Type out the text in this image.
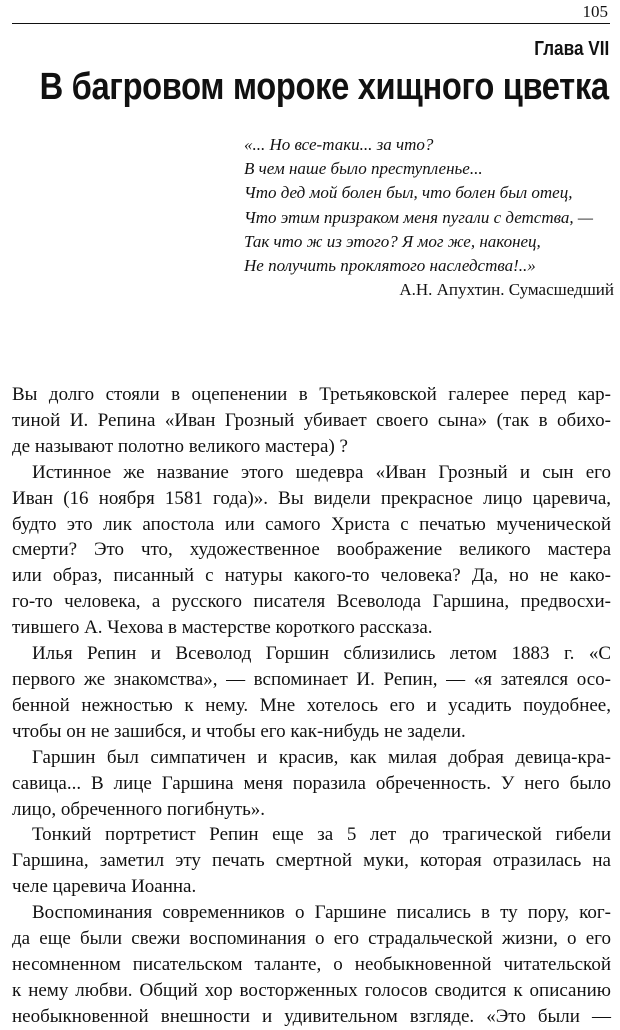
105
Глава VII
В багровом мороке хищного цветка
«... Но все-таки... за что?
В чем наше было преступленье...
Что дед мой болен был, что болен был отец,
Что этим призраком меня пугали с детства, —
Так что ж из этого? Я мог же, наконец,
Не получить проклятого наследства!..»
А.Н. Апухтин. Сумасшедший

Вы долго стояли в оцепенении в Третьяковской галерее перед кар-
тиной И. Репина «Иван Грозный убивает своего сына» (так в обихо-
де называют полотно великого мастера) ?

Истинное же название этого шедевра «Иван Грозный и сын его
Иван (16 ноября 1581 года)». Вы видели прекрасное лицо царевича,
будто это лик апостола или самого Христа с печатью мученической
смерти? Это что, художественное воображение великого мастера
или образ, писанный с натуры какого-то человека? Да, но не како-
го-то человека, а русского писателя Всеволода Гаршина, предвосхи-
тившего А. Чехова в мастерстве короткого рассказа.

Илья Репин и Всеволод Горшин сблизились летом 1883 г. «С
первого же знакомства», — вспоминает И. Репин, — «я затеялся осо-
бенной нежностью к нему. Мне хотелось его и усадить поудобнее,
чтобы он не зашибся, и чтобы его как-нибудь не задели.

Гаршин был симпатичен и красив, как милая добрая девица-кра-
савица... В лице Гаршина меня поразила обреченность. У него было
лицо, обреченного погибнуть».

Тонкий портретист Репин еще за 5 лет до трагической гибели
Гаршина, заметил эту печать смертной муки, которая отразилась на
челе царевича Иоанна.

Воспоминания современников о Гаршине писались в ту пору, ког-
да еще были свежи воспоминания о его страдальческой жизни, о его
несомненном писательском таланте, о необыкновенной читательской
к нему любви. Общий хор восторженных голосов сводится к описанию
необыкновенной внешности и удивительном взгляде. «Это были —
